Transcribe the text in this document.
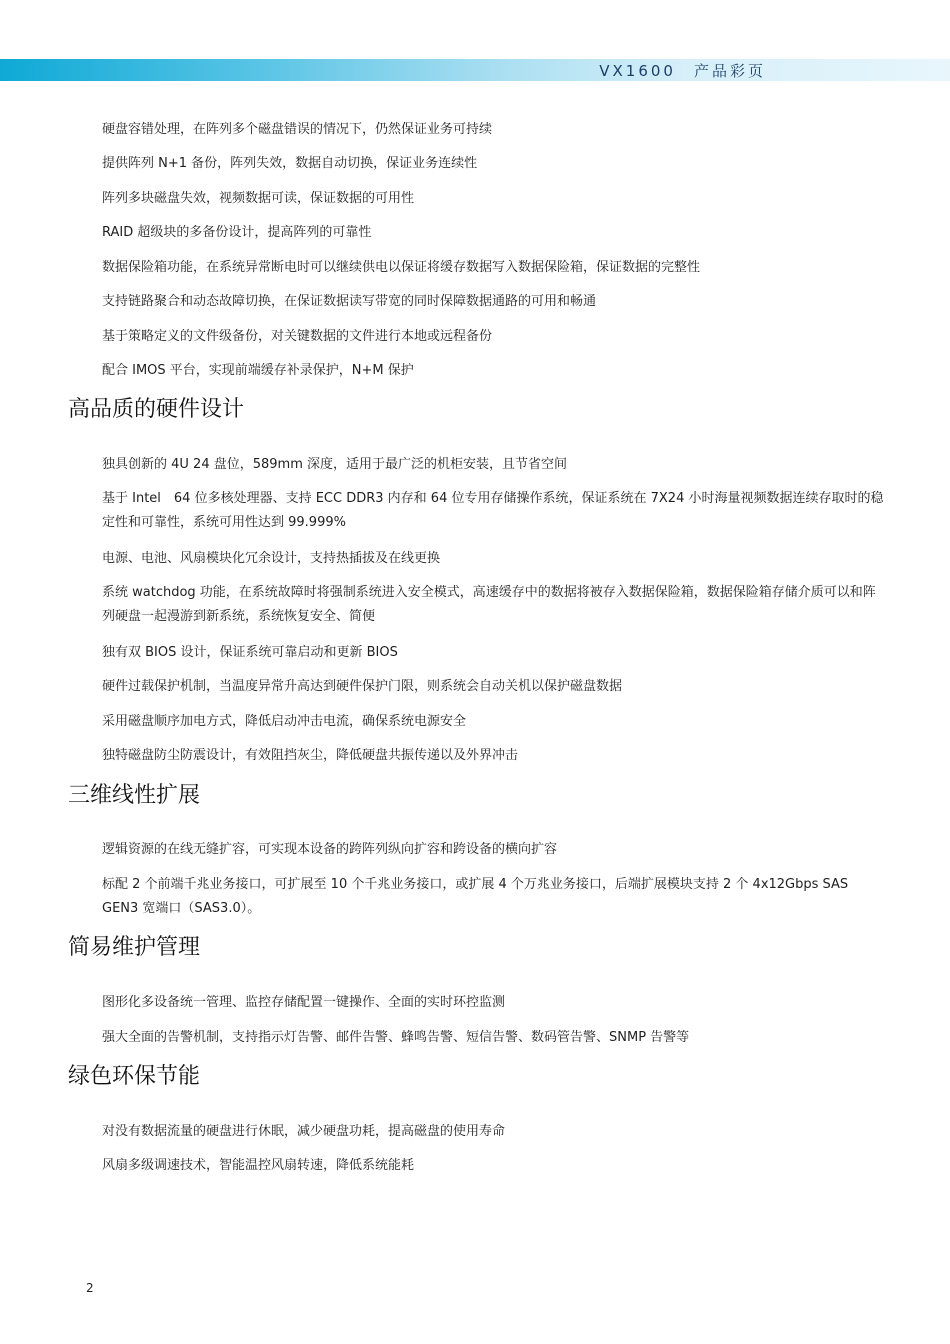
VX1600 产品彩页
硬盘容错处理，在阵列多个磁盘错误的情况下，仍然保证业务可持续
提供阵列 N+1 备份，阵列失效，数据自动切换，保证业务连续性
阵列多块磁盘失效，视频数据可读，保证数据的可用性
RAID 超级块的多备份设计，提高阵列的可靠性
数据保险箱功能，在系统异常断电时可以继续供电以保证将缓存数据写入数据保险箱，保证数据的完整性
支持链路聚合和动态故障切换，在保证数据读写带宽的同时保障数据通路的可用和畅通
基于策略定义的文件级备份，对关键数据的文件进行本地或远程备份
配合 IMOS 平台，实现前端缓存补录保护，N+M 保护
高品质的硬件设计
独具创新的 4U 24 盘位，589mm 深度，适用于最广泛的机柜安装，且节省空间
基于 Intel　64 位多核处理器、支持 ECC DDR3 内存和 64 位专用存储操作系统，保证系统在 7X24 小时海量视频数据连续存取时的稳定性和可靠性，系统可用性达到 99.999%
电源、电池、风扇模块化冗余设计，支持热插拔及在线更换
系统 watchdog 功能，在系统故障时将强制系统进入安全模式，高速缓存中的数据将被存入数据保险箱，数据保险箱存储介质可以和阵列硬盘一起漫游到新系统，系统恢复安全、简便
独有双 BIOS 设计，保证系统可靠启动和更新 BIOS
硬件过载保护机制，当温度异常升高达到硬件保护门限，则系统会自动关机以保护磁盘数据
采用磁盘顺序加电方式，降低启动冲击电流，确保系统电源安全
独特磁盘防尘防震设计，有效阻挡灰尘，降低硬盘共振传递以及外界冲击
三维线性扩展
逻辑资源的在线无缝扩容，可实现本设备的跨阵列纵向扩容和跨设备的横向扩容
标配 2 个前端千兆业务接口，可扩展至 10 个千兆业务接口，或扩展 4 个万兆业务接口，后端扩展模块支持 2 个 4x12Gbps SAS GEN3 宽端口（SAS3.0）。
简易维护管理
图形化多设备统一管理、监控存储配置一键操作、全面的实时环控监测
强大全面的告警机制，支持指示灯告警、邮件告警、蜂鸣告警、短信告警、数码管告警、SNMP 告警等
绿色环保节能
对没有数据流量的硬盘进行休眠，减少硬盘功耗，提高磁盘的使用寿命
风扇多级调速技术，智能温控风扇转速，降低系统能耗
2
